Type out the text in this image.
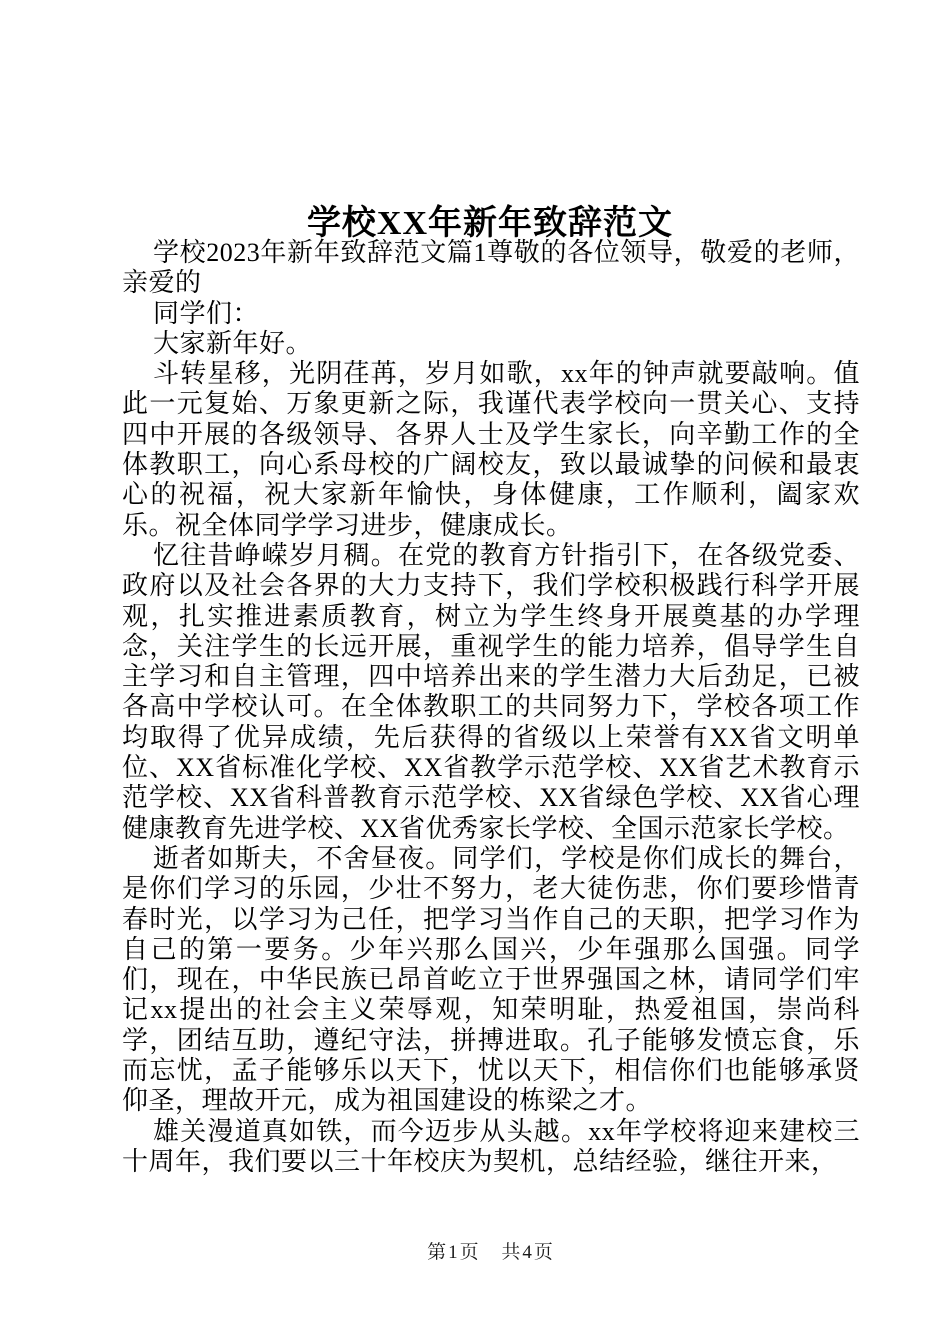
学校XX年新年致辞范文

学校2023年新年致辞范文篇1尊敬的各位领导，敬爱的老师，亲爱的

同学们：

大家新年好。

斗转星移，光阴荏苒，岁月如歌，xx年的钟声就要敲响。值此一元复始、万象更新之际，我谨代表学校向一贯关心、支持四中开展的各级领导、各界人士及学生家长，向辛勤工作的全体教职工，向心系母校的广阔校友，致以最诚挚的问候和最衷心的祝福，祝大家新年愉快，身体健康，工作顺利，阖家欢乐。祝全体同学学习进步，健康成长。

忆往昔峥嵘岁月稠。在党的教育方针指引下，在各级党委、政府以及社会各界的大力支持下，我们学校积极践行科学开展观，扎实推进素质教育，树立为学生终身开展奠基的办学理念，关注学生的长远开展，重视学生的能力培养，倡导学生自主学习和自主管理，四中培养出来的学生潜力大后劲足，已被各高中学校认可。在全体教职工的共同努力下，学校各项工作均取得了优异成绩，先后获得的省级以上荣誉有XX省文明单位、XX省标准化学校、XX省教学示范学校、XX省艺术教育示范学校、XX省科普教育示范学校、XX省绿色学校、XX省心理健康教育先进学校、XX省优秀家长学校、全国示范家长学校。

逝者如斯夫，不舍昼夜。同学们，学校是你们成长的舞台，是你们学习的乐园，少壮不努力，老大徒伤悲，你们要珍惜青春时光，以学习为己任，把学习当作自己的天职，把学习作为自己的第一要务。少年兴那么国兴，少年强那么国强。同学们，现在，中华民族已昂首屹立于世界强国之林，请同学们牢记xx提出的社会主义荣辱观，知荣明耻，热爱祖国，崇尚科学，团结互助，遵纪守法，拼搏进取。孔子能够发愤忘食，乐而忘忧，孟子能够乐以天下，忧以天下，相信你们也能够承贤仰圣，理故开元，成为祖国建设的栋梁之才。

雄关漫道真如铁，而今迈步从头越。xx年学校将迎来建校三十周年，我们要以三十年校庆为契机，总结经验，继往开来，

第1页 共4页
